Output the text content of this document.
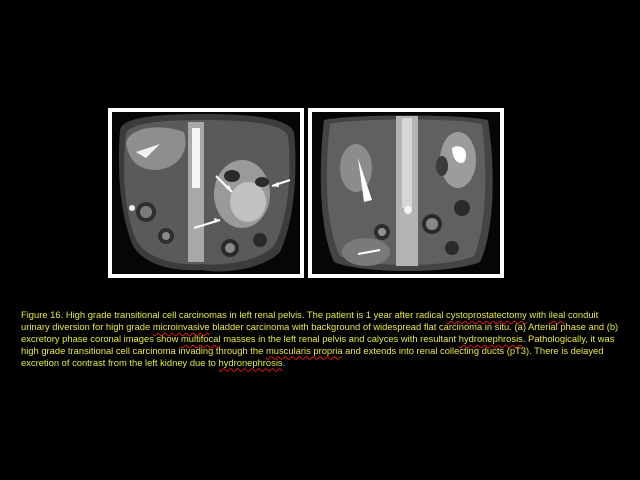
Figure 16. High grade transitional cell carcinomas in left renal pelvis. The patient is 1 year after radical cystoprostatectomy with ileal conduit urinary diversion for high grade microinvasive bladder carcinoma with background of widespread flat carcinoma in situ. (a) Arterial phase and (b) excretory phase coronal images show multifocal masses in the left renal pelvis and calyces with resultant hydronephrosis. Pathologically, it was high grade transitional cell carcinoma invading through the muscularis propria and extends into renal collecting ducts (pT3). There is delayed excretion of contrast from the left kidney due to hydronephrosis.
